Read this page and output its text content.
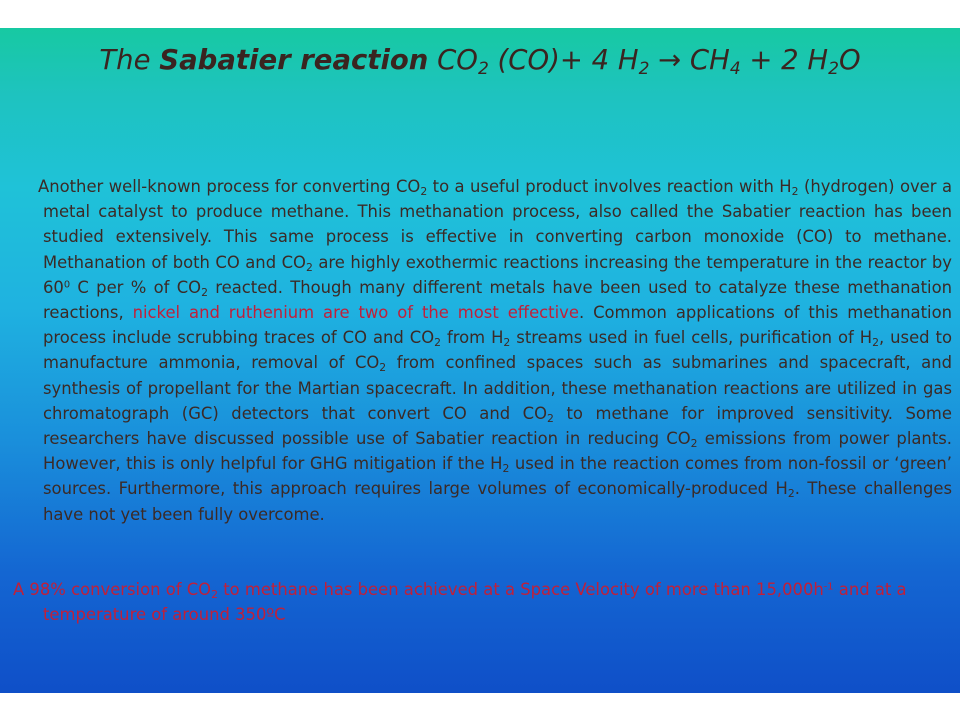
The Sabatier reaction $CO_2$ (CO)+ 4 $H_2 \to CH_4 + 2$ $H_2O$
Another well-known process for converting $CO_2$ to a useful product involves reaction with $H_2$ (hydrogen) over a metal catalyst to produce methane. This methanation process, also called the Sabatier reaction has been studied extensively. This same process is effective in converting carbon monoxide (CO) to methane. Methanation of both CO and $CO_2$ are highly exothermic reactions increasing the temperature in the reactor by $60^0$ C per % of $CO_2$ reacted. Though many different metals have been used to catalyze these methanation reactions, nickel and ruthenium are two of the most effective. Common applications of this methanation process include scrubbing traces of CO and $CO_2$ from $H_2$ streams used in fuel cells, purification of $H_2$, used to manufacture ammonia, removal of $CO_2$ from confined spaces such as submarines and spacecraft, and synthesis of propellant for the Martian spacecraft. In addition, these methanation reactions are utilized in gas chromatograph (GC) detectors that convert CO and $CO_2$ to methane for improved sensitivity. Some researchers have discussed possible use of Sabatier reaction in reducing $CO_2$ emissions from power plants. However, this is only helpful for GHG mitigation if the $H_2$ used in the reaction comes from non-fossil or ‘green’ sources. Furthermore, this approach requires large volumes of economically-produced $H_2$. These challenges have not yet been fully overcome.
A 98% conversion of $CO_2$ to methane has been achieved at a Space Velocity of more than $15,000h^{-1}$ and at a temperature of around 350ºC
